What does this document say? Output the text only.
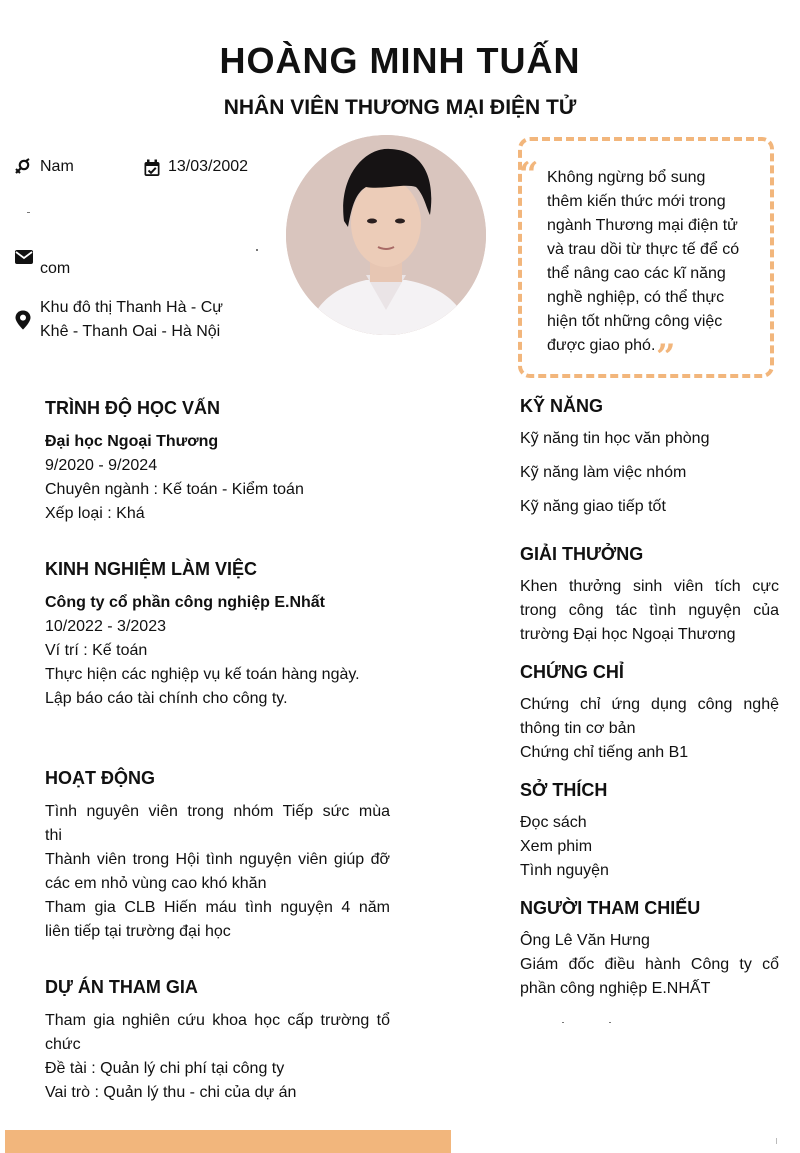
HOÀNG MINH TUẤN
NHÂN VIÊN THƯƠNG MẠI ĐIỆN TỬ
Nam	13/03/2002
com
Khu đô thị Thanh Hà - Cự
Khê - Thanh Oai - Hà Nội
“ Không ngừng bổ sung
thêm kiến thức mới trong
ngành Thương mại điện tử
và trau dồi từ thực tế để có
thể nâng cao các kĩ năng
nghề nghiệp, có thể thực
hiện tốt những công việc
được giao phó. ”
TRÌNH ĐỘ HỌC VẤN
Đại học Ngoại Thương
9/2020 - 9/2024
Chuyên ngành : Kế toán - Kiểm toán
Xếp loại : Khá
KINH NGHIỆM LÀM VIỆC
Công ty cổ phần công nghiệp E.Nhất
10/2022 - 3/2023
Ví trí : Kế toán
Thực hiện các nghiệp vụ kế toán hàng ngày.
Lập báo cáo tài chính cho công ty.
HOẠT ĐỘNG
Tình nguyên viên trong nhóm Tiếp sức mùa
thi
Thành viên trong Hội tình nguyện viên giúp đỡ
các em nhỏ vùng cao khó khăn
Tham gia CLB Hiến máu tình nguyện 4 năm
liên tiếp tại trường đại học
DỰ ÁN THAM GIA
Tham gia nghiên cứu khoa học cấp trường tổ
chức
Đề tài : Quản lý chi phí tại công ty
Vai trò : Quản lý thu - chi của dự án
KỸ NĂNG
Kỹ năng tin học văn phòng
Kỹ năng làm việc nhóm
Kỹ năng giao tiếp tốt
GIẢI THƯỞNG
Khen thưởng sinh viên tích cực
trong công tác tình nguyện của
trường Đại học Ngoại Thương
CHỨNG CHỈ
Chứng chỉ ứng dụng công nghệ
thông tin cơ bản
Chứng chỉ tiếng anh B1
SỞ THÍCH
Đọc sách
Xem phim
Tình nguyện
NGƯỜI THAM CHIẾU
Ông Lê Văn Hưng
Giám đốc điều hành Công ty cổ
phần công nghiệp E.NHẤT
